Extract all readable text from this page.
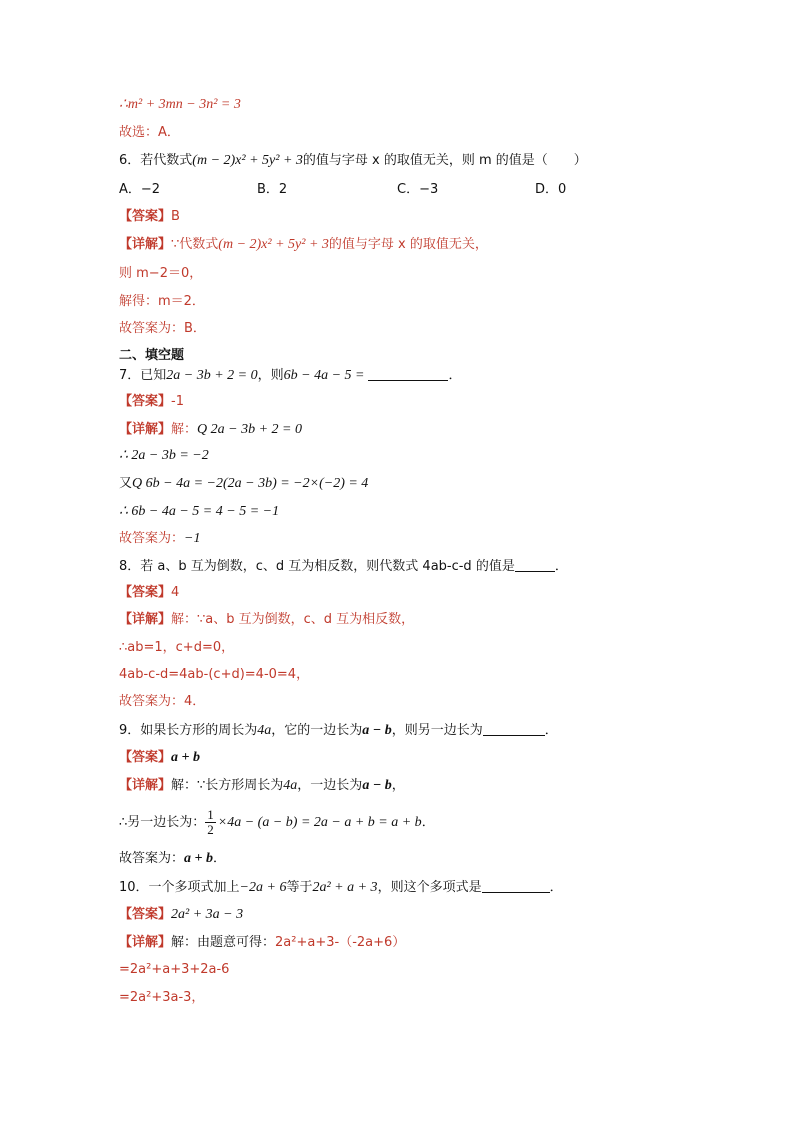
∴m² + 3mn − 3n² = 3
故选：A．
6．若代数式(m − 2)x² + 5y² + 3的值与字母 x 的取值无关，则 m 的值是（　　）
A．−2	B．2	C．−3	D．0
【答案】B
【详解】∵代数式(m − 2)x² + 5y² + 3的值与字母 x 的取值无关，
则 m−2＝0，
解得：m＝2．
故答案为：B．
二、填空题
7．已知2a − 3b + 2 = 0，则6b − 4a − 5 =	．
【答案】-1
【详解】解：Q 2a − 3b + 2 = 0
∴ 2a − 3b = −2
又Q 6b − 4a = −2(2a − 3b) = −2×(−2) = 4
∴ 6b − 4a − 5 = 4 − 5 = −1
故答案为：−1
8．若 a、b 互为倒数，c、d 互为相反数，则代数式 4ab-c-d 的值是	．
【答案】4
【详解】解：∵a、b 互为倒数，c、d 互为相反数，
∴ab=1，c+d=0，
4ab-c-d=4ab-(c+d)=4-0=4，
故答案为：4．
9．如果长方形的周长为4a，它的一边长为a − b，则另一边长为	．
【答案】a + b
【详解】解：∵长方形周长为4a，一边长为a − b，
∴另一边长为： $\frac{1}{2} \times 4a - (a - b) = 2a - a + b = a + b$．
故答案为：a + b．
10．一个多项式加上−2a + 6等于2a² + a + 3，则这个多项式是	．
【答案】2a² + 3a − 3
【详解】解：由题意可得：2a²+a+3-（-2a+6）
=2a²+a+3+2a-6
=2a²+3a-3，
